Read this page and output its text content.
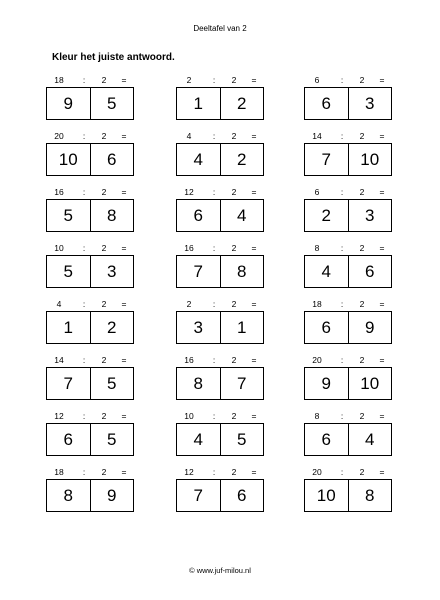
Deeltafel van 2
Kleur het juiste antwoord.
18	:	2	=
9	5
2	:	2	=
1	2
6	:	2	=
6	3
20	:	2	=
10	6
4	:	2	=
4	2
14	:	2	=
7	10
16	:	2	=
5	8
12	:	2	=
6	4
6	:	2	=
2	3
10	:	2	=
5	3
16	:	2	=
7	8
8	:	2	=
4	6
4	:	2	=
1	2
2	:	2	=
3	1
18	:	2	=
6	9
14	:	2	=
7	5
16	:	2	=
8	7
20	:	2	=
9	10
12	:	2	=
6	5
10	:	2	=
4	5
8	:	2	=
6	4
18	:	2	=
8	9
12	:	2	=
7	6
20	:	2	=
10	8
© www.juf-milou.nl
